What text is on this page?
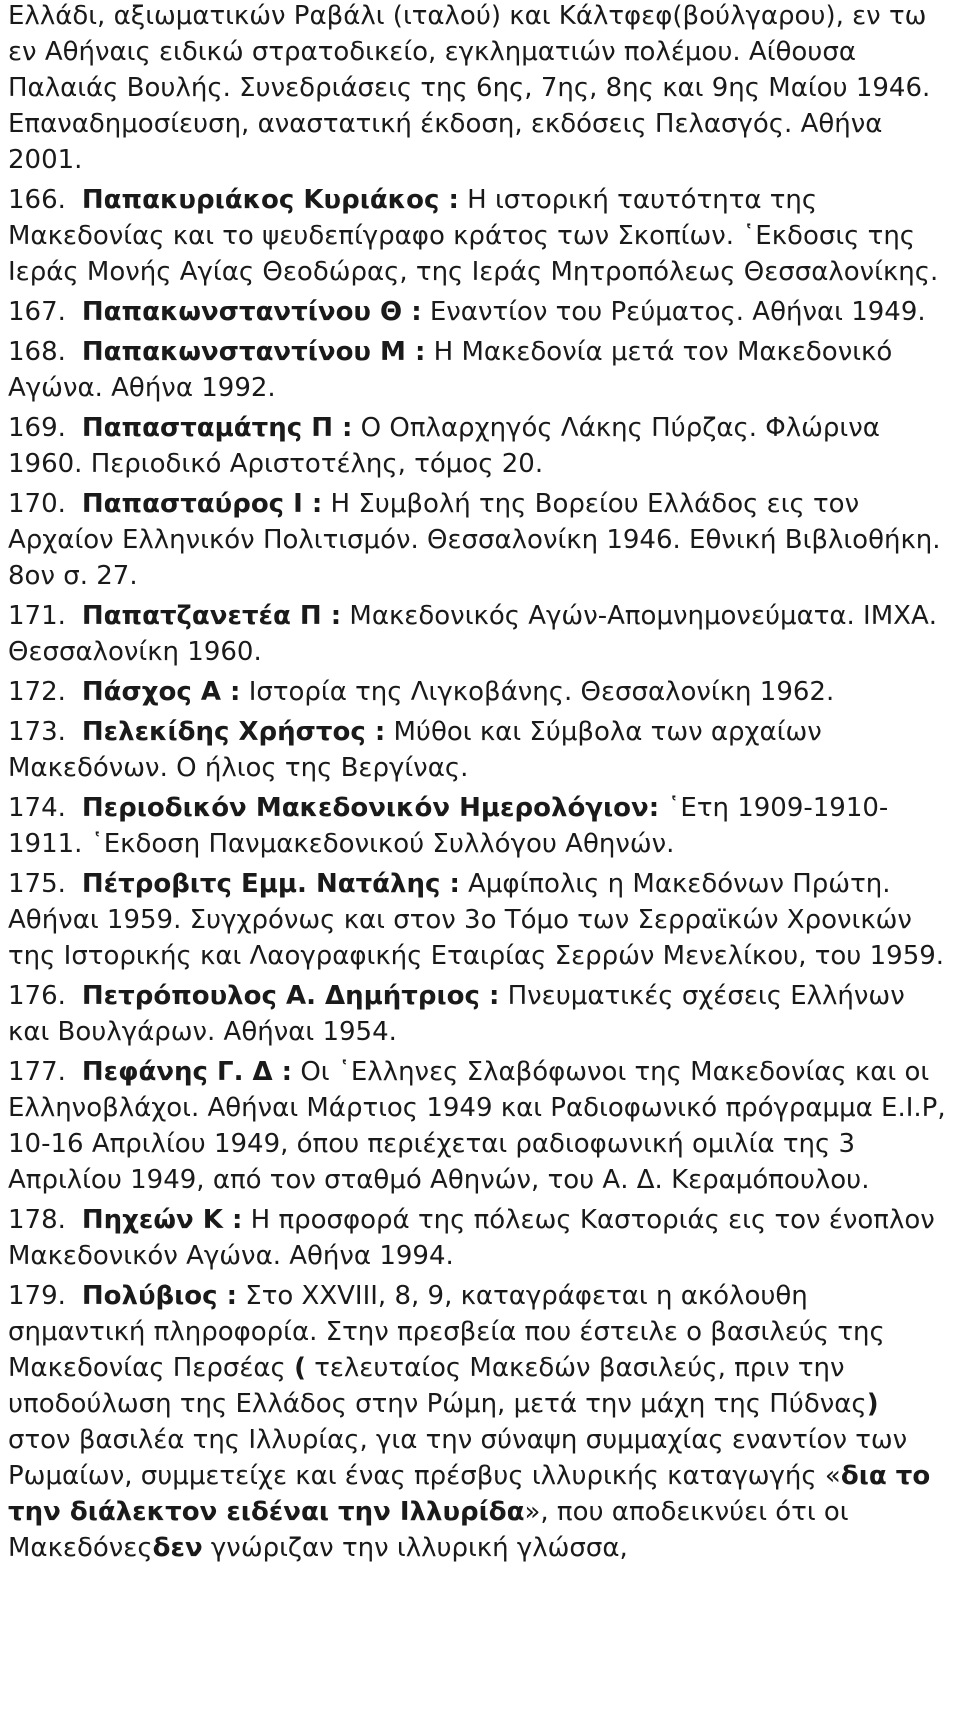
Ελλάδι, αξιωματικών Ραβάλι (ιταλού) και Κάλτφεφ(βούλγαρου), εν τω εν Αθήναις ειδικώ στρατοδικείο, εγκληματιών πολέμου. Αίθουσα Παλαιάς Βουλής. Συνεδριάσεις της 6ης, 7ης, 8ης και 9ης Μαίου 1946. Επαναδημοσίευση, αναστατική έκδοση, εκδόσεις Πελασγός. Αθήνα 2001.

166. Παπακυριάκος Κυριάκος : Η ιστορική ταυτότητα της Μακεδονίας και το ψευδεπίγραφο κράτος των Σκοπίων. ῾Εκδοσις της Ιεράς Μονής Αγίας Θεοδώρας, της Ιεράς Μητροπόλεως Θεσσαλονίκης.

167. Παπακωνσταντίνου Θ : Εναντίον του Ρεύματος. Αθήναι 1949.

168. Παπακωνσταντίνου Μ : Η Μακεδονία μετά τον Μακεδονικό Αγώνα. Αθήνα 1992.

169. Παπασταμάτης Π : Ο Οπλαρχηγός Λάκης Πύρζας. Φλώρινα 1960. Περιοδικό Αριστοτέλης, τόμος 20.

170. Παπασταύρος Ι : Η Συμβολή της Βορείου Ελλάδος εις τον Αρχαίον Ελληνικόν Πολιτισμόν. Θεσσαλονίκη 1946. Εθνική Βιβλιοθήκη. 8ον σ. 27.

171. Παπατζανετέα Π : Μακεδονικός Αγών-Απομνημονεύματα. ΙΜΧΑ. Θεσσαλονίκη 1960.

172. Πάσχος Α : Ιστορία της Λιγκοβάνης. Θεσσαλονίκη 1962.

173. Πελεκίδης Χρήστος : Μύθοι και Σύμβολα των αρχαίων Μακεδόνων. Ο ήλιος της Βεργίνας.

174. Περιοδικόν Μακεδονικόν Ημερολόγιον: ῾Ετη 1909-1910-1911. ῾Εκδοση Πανμακεδονικού Συλλόγου Αθηνών.

175. Πέτροβιτς Εμμ. Νατάλης : Αμφίπολις η Μακεδόνων Πρώτη. Αθήναι 1959. Συγχρόνως και στον 3ο Τόμο των Σερραϊκών Χρονικών της Ιστορικής και Λαογραφικής Εταιρίας Σερρών Μενελίκου, του 1959.

176. Πετρόπουλος Α. Δημήτριος : Πνευματικές σχέσεις Ελλήνων και Βουλγάρων. Αθήναι 1954.

177. Πεφάνης Γ. Δ : Οι ῾Ελληνες Σλαβόφωνοι της Μακεδονίας και οι Ελληνοβλάχοι. Αθήναι Μάρτιος 1949 και Ραδιοφωνικό πρόγραμμα Ε.Ι.Ρ, 10-16 Απριλίου 1949, όπου περιέχεται ραδιοφωνική ομιλία της 3 Απριλίου 1949, από τον σταθμό Αθηνών, του Α. Δ. Κεραμόπουλου.

178. Πηχεών Κ : Η προσφορά της πόλεως Καστοριάς εις τον ένοπλον Μακεδονικόν Αγώνα. Αθήνα 1994.

179. Πολύβιος : Στο XXVIII, 8, 9, καταγράφεται η ακόλουθη σημαντική πληροφορία. Στην πρεσβεία που έστειλε ο βασιλεύς της Μακεδονίας Περσέας ( τελευταίος Μακεδών βασιλεύς, πριν την υποδούλωση της Ελλάδος στην Ρώμη, μετά την μάχη της Πύδνας) στον βασιλέα της Ιλλυρίας, για την σύναψη συμμαχίας εναντίον των Ρωμαίων, συμμετείχε και ένας πρέσβυς ιλλυρικής καταγωγής «δια το την διάλεκτον ειδέναι την Ιλλυρίδα», που αποδεικνύει ότι οι Μακεδόνεςδεν γνώριζαν την ιλλυρική γλώσσα,
